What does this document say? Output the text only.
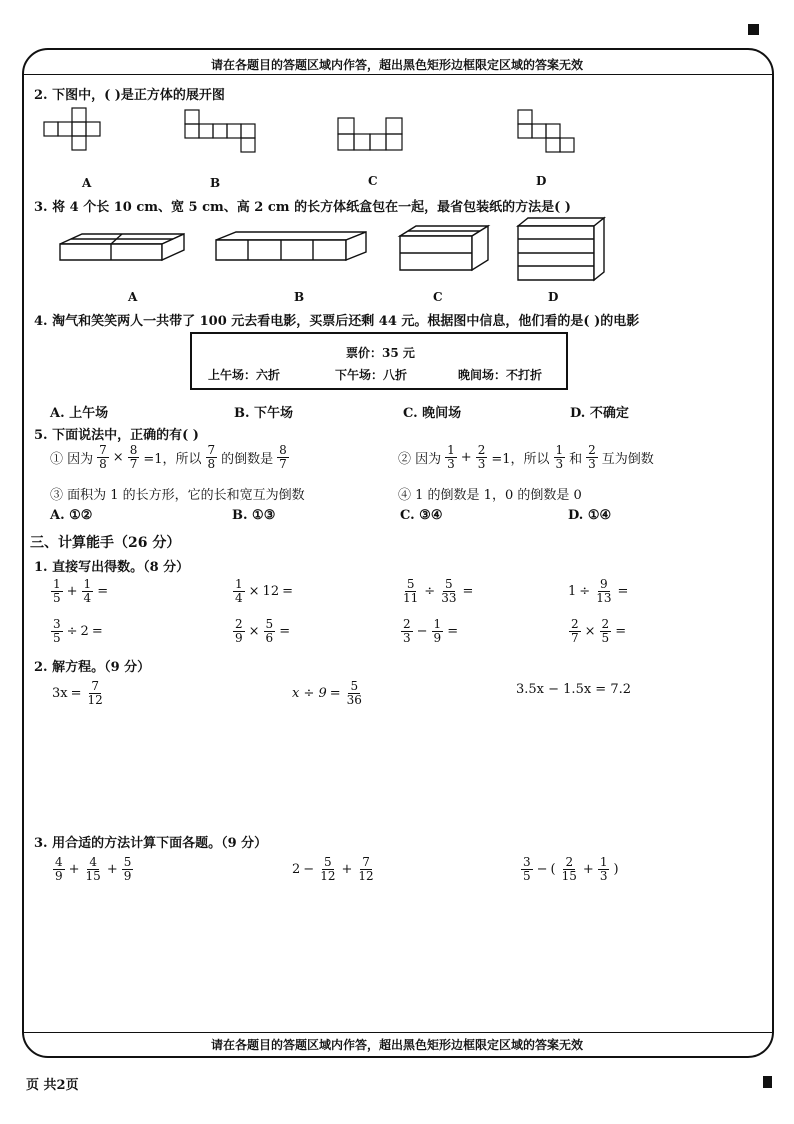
请在各题目的答题区域内作答，超出黑色矩形边框限定区域的答案无效
请在各题目的答题区域内作答，超出黑色矩形边框限定区域的答案无效
页 共2页
2. 下图中，( )是正方体的展开图
A	B	C	D
3. 将 4 个长 10 cm、宽 5 cm、高 2 cm 的长方体纸盒包在一起，最省包装纸的方法是( )
A	B	C	D
4. 淘气和笑笑两人一共带了 100 元去看电影，买票后还剩 44 元。根据图中信息，他们看的是( )的电影
票价：35 元
上午场：六折	下午场：八折	晚间场：不打折
A. 上午场	B. 下午场	C. 晚间场	D. 不确定
5. 下面说法中，正确的有( )
① 因为 $\frac{7}{8} \times \frac{8}{7} =1$，所以 $\frac{7}{8}$ 的倒数是 $\frac{8}{7}$	② 因为 $\frac{1}{3} + \frac{2}{3} =1$，所以 $\frac{1}{3}$ 和 $\frac{2}{3}$ 互为倒数
③ 面积为 1 的长方形，它的长和宽互为倒数	④ 1 的倒数是 1，0 的倒数是 0
A. ①②	B. ①③	C. ③④	D. ①④
三、计算能手（26 分）
1. 直接写出得数。（8 分）
$\frac{1}{5} + \frac{1}{4}$ =	$\frac{1}{4} \times 12$ =	$\frac{5}{11} \div \frac{5}{33}$ =	$1 \div \frac{9}{13}$ =
$\frac{3}{5} \div 2$ =	$\frac{2}{9} \times \frac{5}{6}$ =	$\frac{2}{3} - \frac{1}{9}$ =	$\frac{2}{7} \times \frac{2}{5}$ =
2. 解方程。（9 分）
$3x = \frac{7}{12}$	$x \div 9 = \frac{5}{36}$	3.5x − 1.5x = 7.2
3. 用合适的方法计算下面各题。（9 分）
$\frac{4}{9} + \frac{4}{15} + \frac{5}{9}$	$2 - \frac{5}{12} + \frac{7}{12}$	$\frac{3}{5}$ − ( $\frac{2}{15} + \frac{1}{3}$ )
